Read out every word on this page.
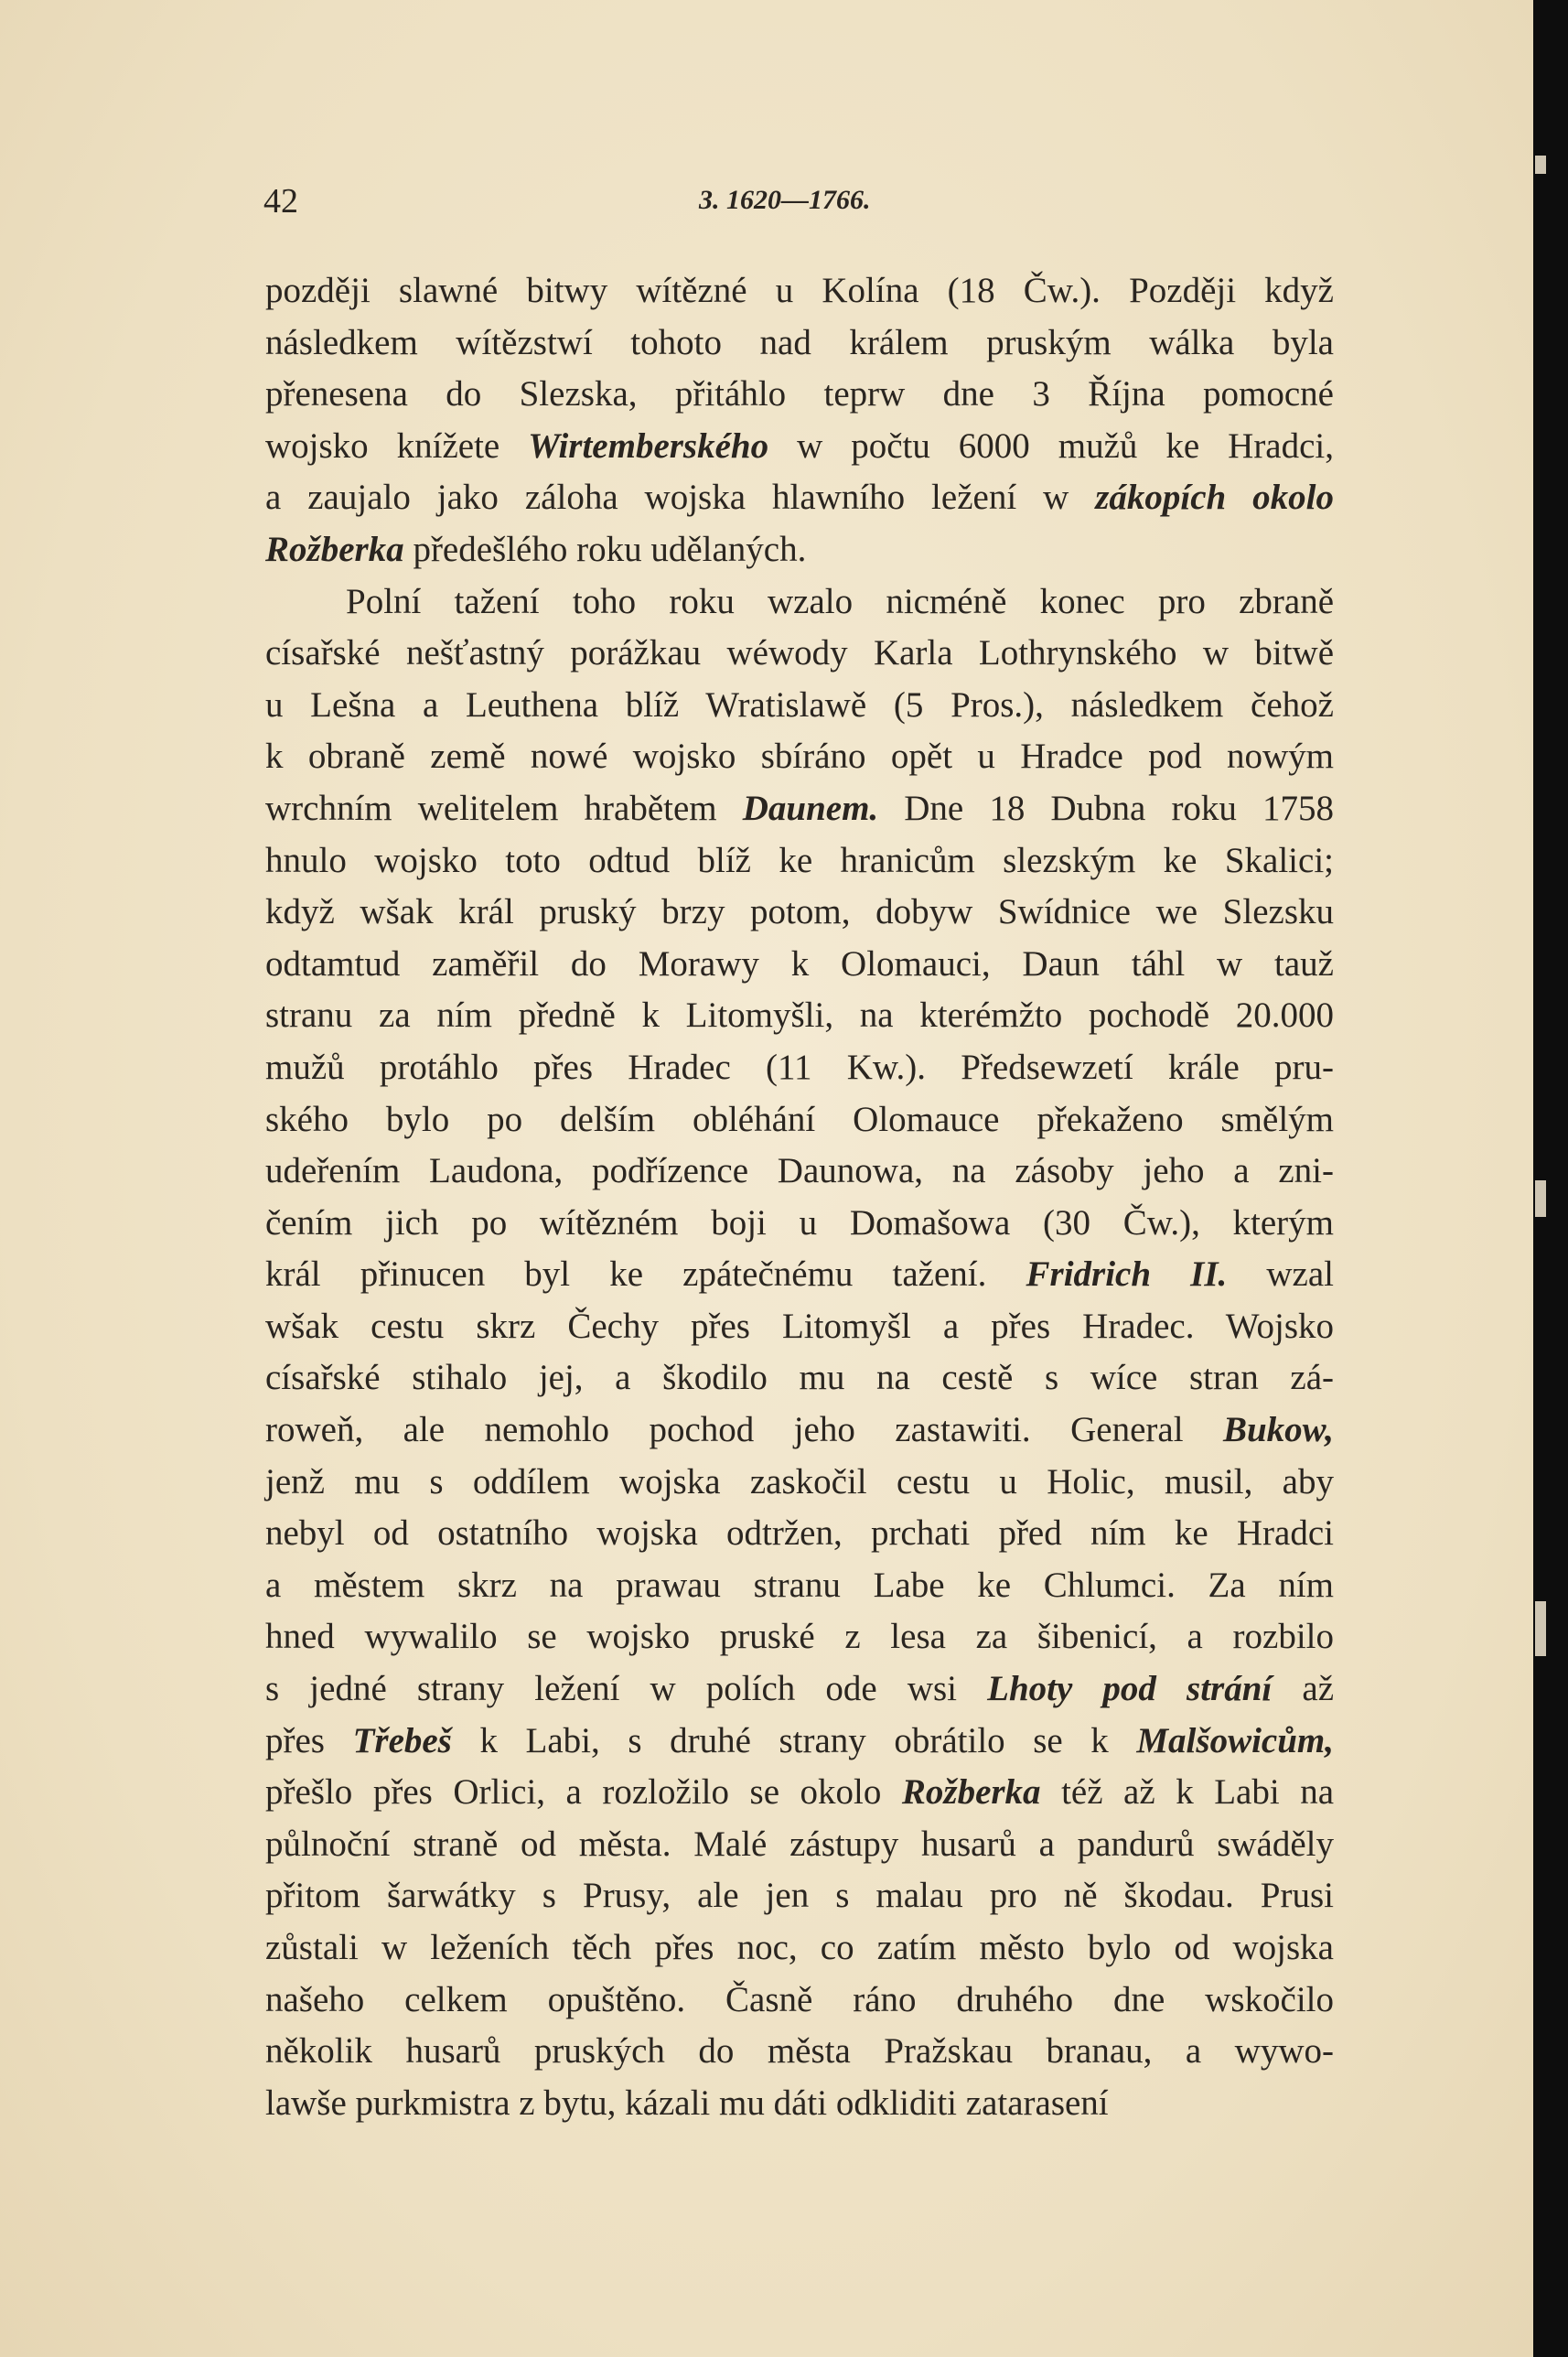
42	3. 1620—1766.
později slawné bitwy wítězné u Kolína (18 Čw.). Později když
následkem wítězstwí tohoto nad králem pruským wálka byla
přenesena do Slezska, přitáhlo teprw dne 3 Října pomocné
wojsko knížete Wirtemberského w počtu 6000 mužů ke Hradci,
a zaujalo jako záloha wojska hlawního ležení w zákopích okolo
Rožberka předešlého roku udělaných.
Polní tažení toho roku wzalo nicméně konec pro zbraně
císařské nešťastný porážkau wéwody Karla Lothrynského w bitwě
u Lešna a Leuthena blíž Wratislawě (5 Pros.), následkem čehož
k obraně země nowé wojsko sbíráno opět u Hradce pod nowým
wrchním welitelem hrabětem Daunem. Dne 18 Dubna roku 1758
hnulo wojsko toto odtud blíž ke hranicům slezským ke Skalici;
když wšak král pruský brzy potom, dobyw Swídnice we Slezsku
odtamtud zaměřil do Morawy k Olomauci, Daun táhl w tauž
stranu za ním předně k Litomyšli, na kterémžto pochodě 20.000
mužů protáhlo přes Hradec (11 Kw.). Předsewzetí krále pru-
ského bylo po delším obléhání Olomauce překaženo smělým
udeřením Laudona, podřízence Daunowa, na zásoby jeho a zni-
čením jich po wítězném boji u Domašowa (30 Čw.), kterým
král přinucen byl ke zpátečnému tažení. Fridrich II. wzal
wšak cestu skrz Čechy přes Litomyšl a přes Hradec. Wojsko
císařské stihalo jej, a škodilo mu na cestě s wíce stran zá-
roweň, ale nemohlo pochod jeho zastawiti. General Bukow,
jenž mu s oddílem wojska zaskočil cestu u Holic, musil, aby
nebyl od ostatního wojska odtržen, prchati před ním ke Hradci
a městem skrz na prawau stranu Labe ke Chlumci. Za ním
hned wywalilo se wojsko pruské z lesa za šibenicí, a rozbilo
s jedné strany ležení w polích ode wsi Lhoty pod strání až
přes Třebeš k Labi, s druhé strany obrátilo se k Malšowicům,
přešlo přes Orlici, a rozložilo se okolo Rožberka též až k Labi na
půlnoční straně od města. Malé zástupy husarů a pandurů swáděly
přitom šarwátky s Prusy, ale jen s malau pro ně škodau. Prusi
zůstali w leženích těch přes noc, co zatím město bylo od wojska
našeho celkem opuštěno. Časně ráno druhého dne wskočilo
několik husarů pruských do města Pražskau branau, a wywo-
lawše purkmistra z bytu, kázali mu dáti odkliditi zatarasení
